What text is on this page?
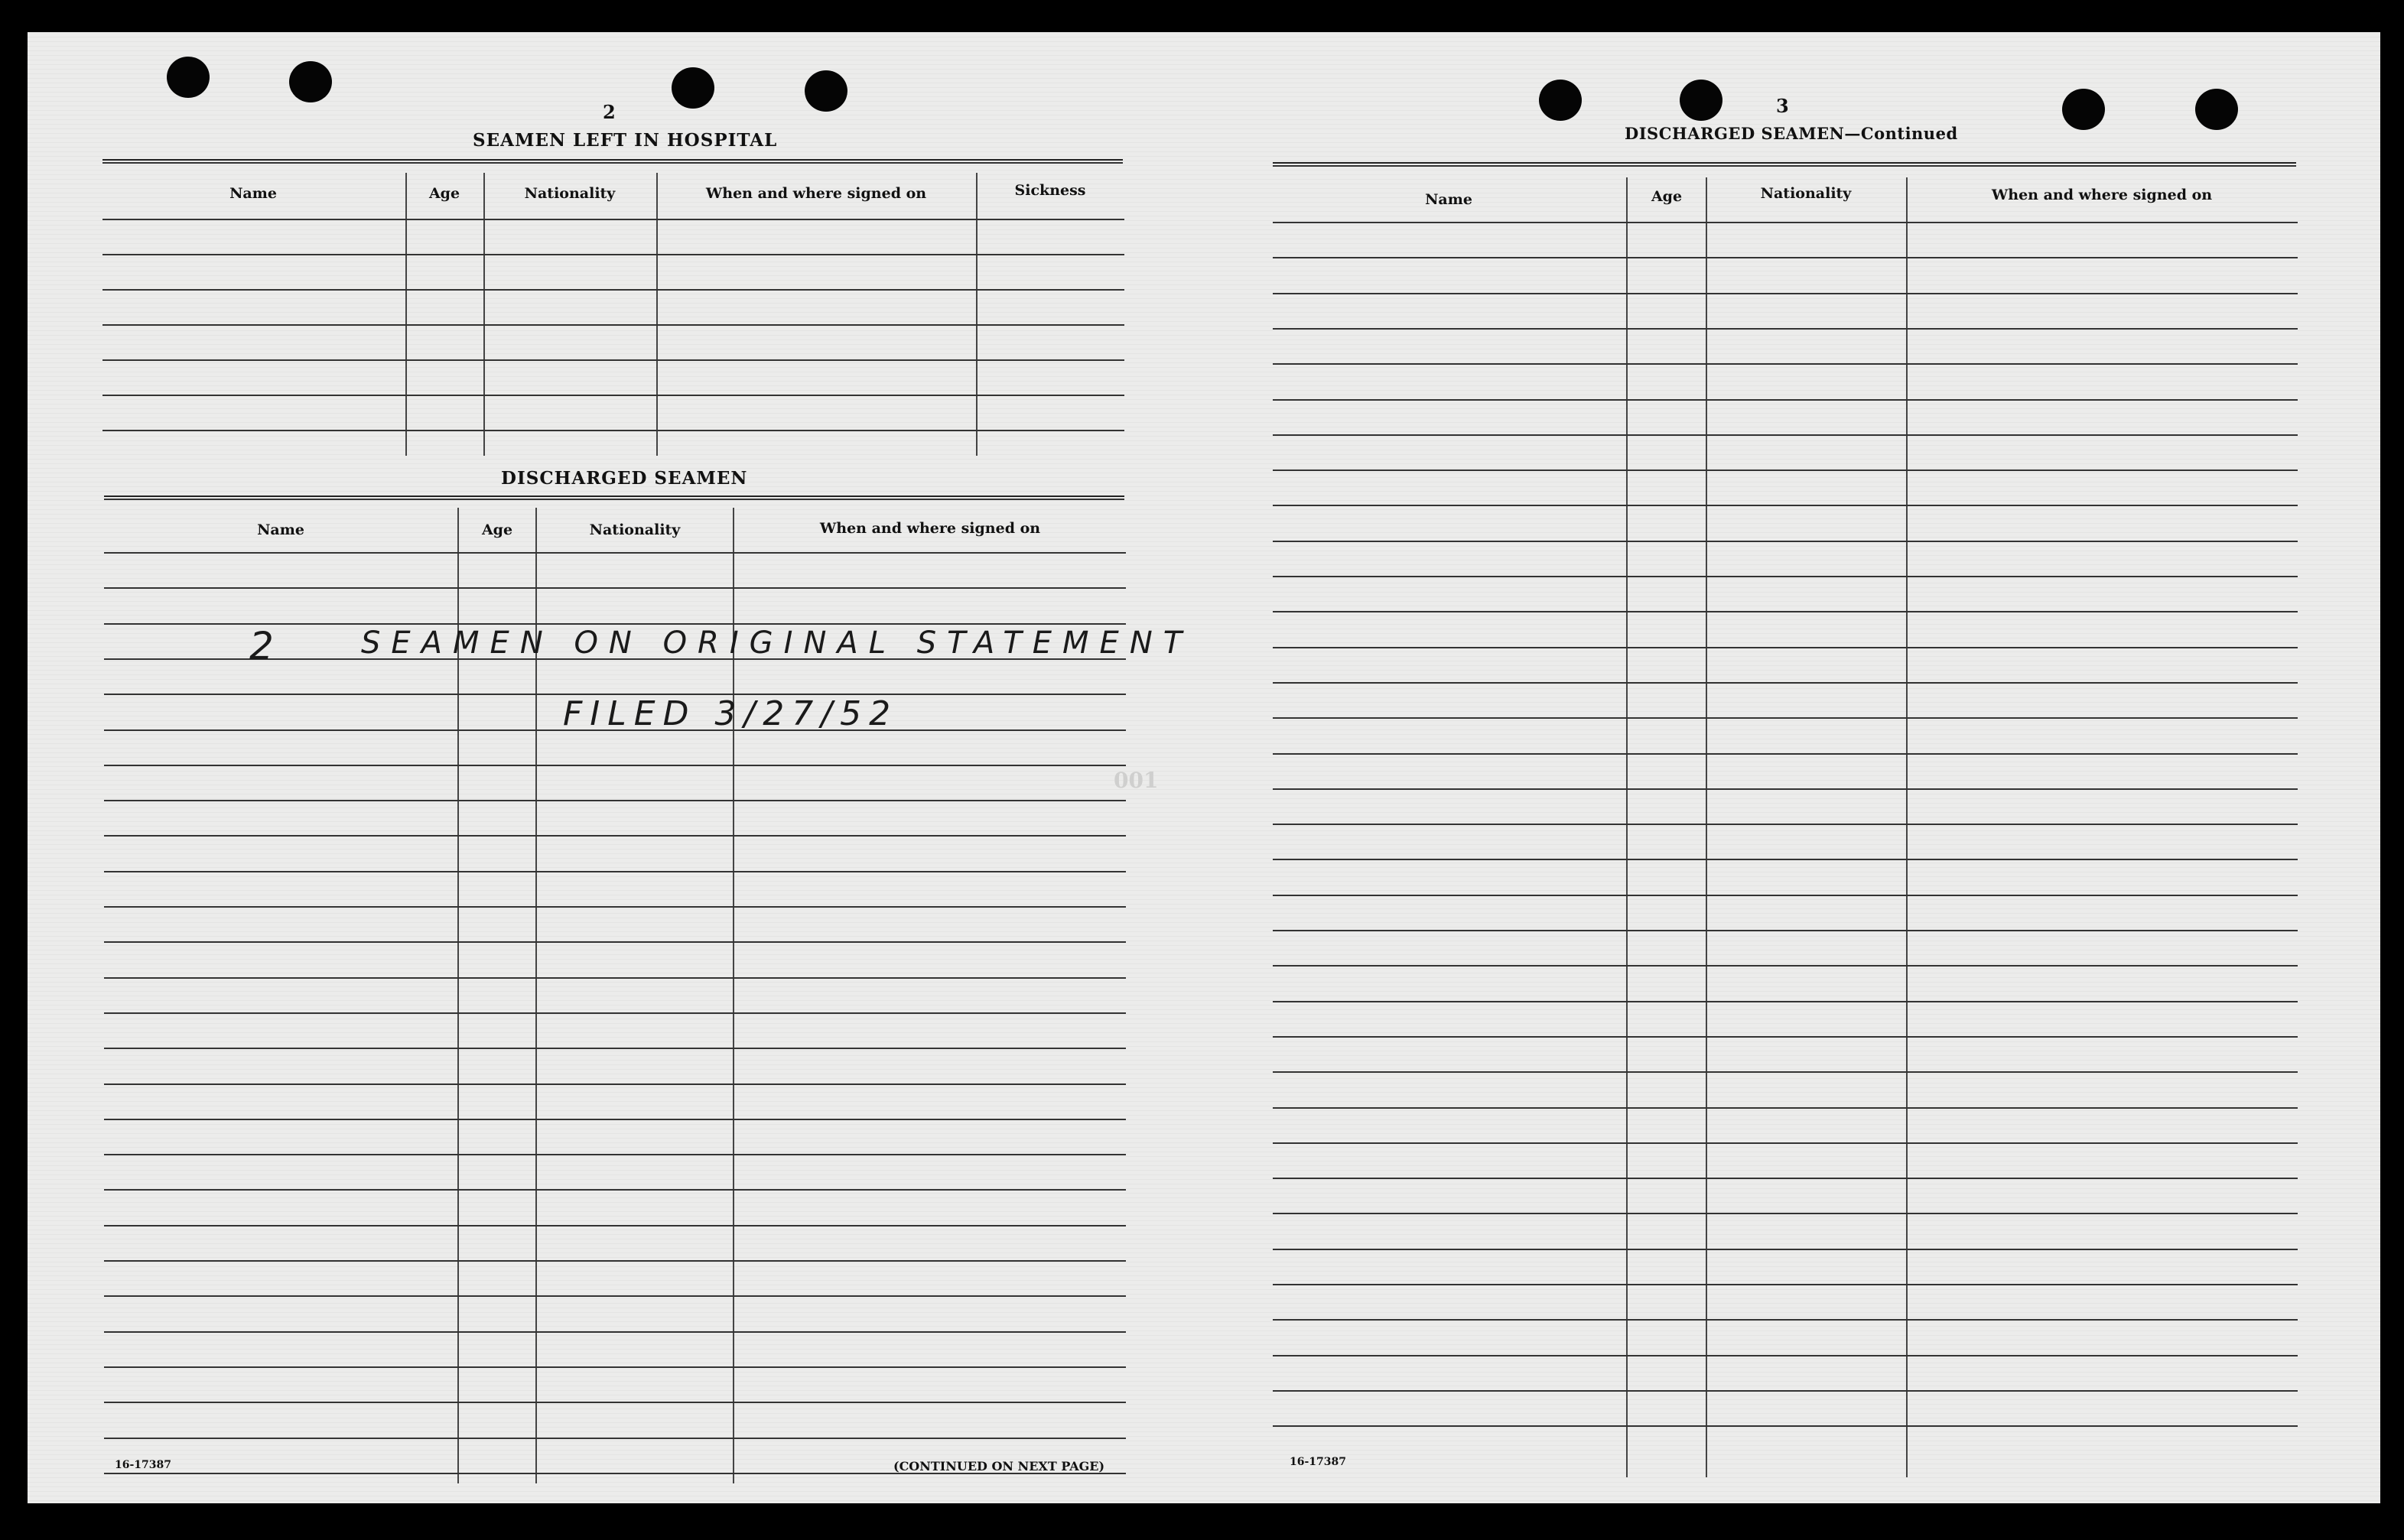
2
SEAMEN LEFT IN HOSPITAL
Name	Age	Nationality	When and where signed on	Sickness
DISCHARGED SEAMEN
Name	Age	Nationality	When and where signed on
2	SEAMEN ON ORIGINAL STATEMENT
FILED 3/27/52
001
16-17387	(CONTINUED ON NEXT PAGE)
3
DISCHARGED SEAMEN—Continued
Name	Age	Nationality	When and where signed on
16-17387
